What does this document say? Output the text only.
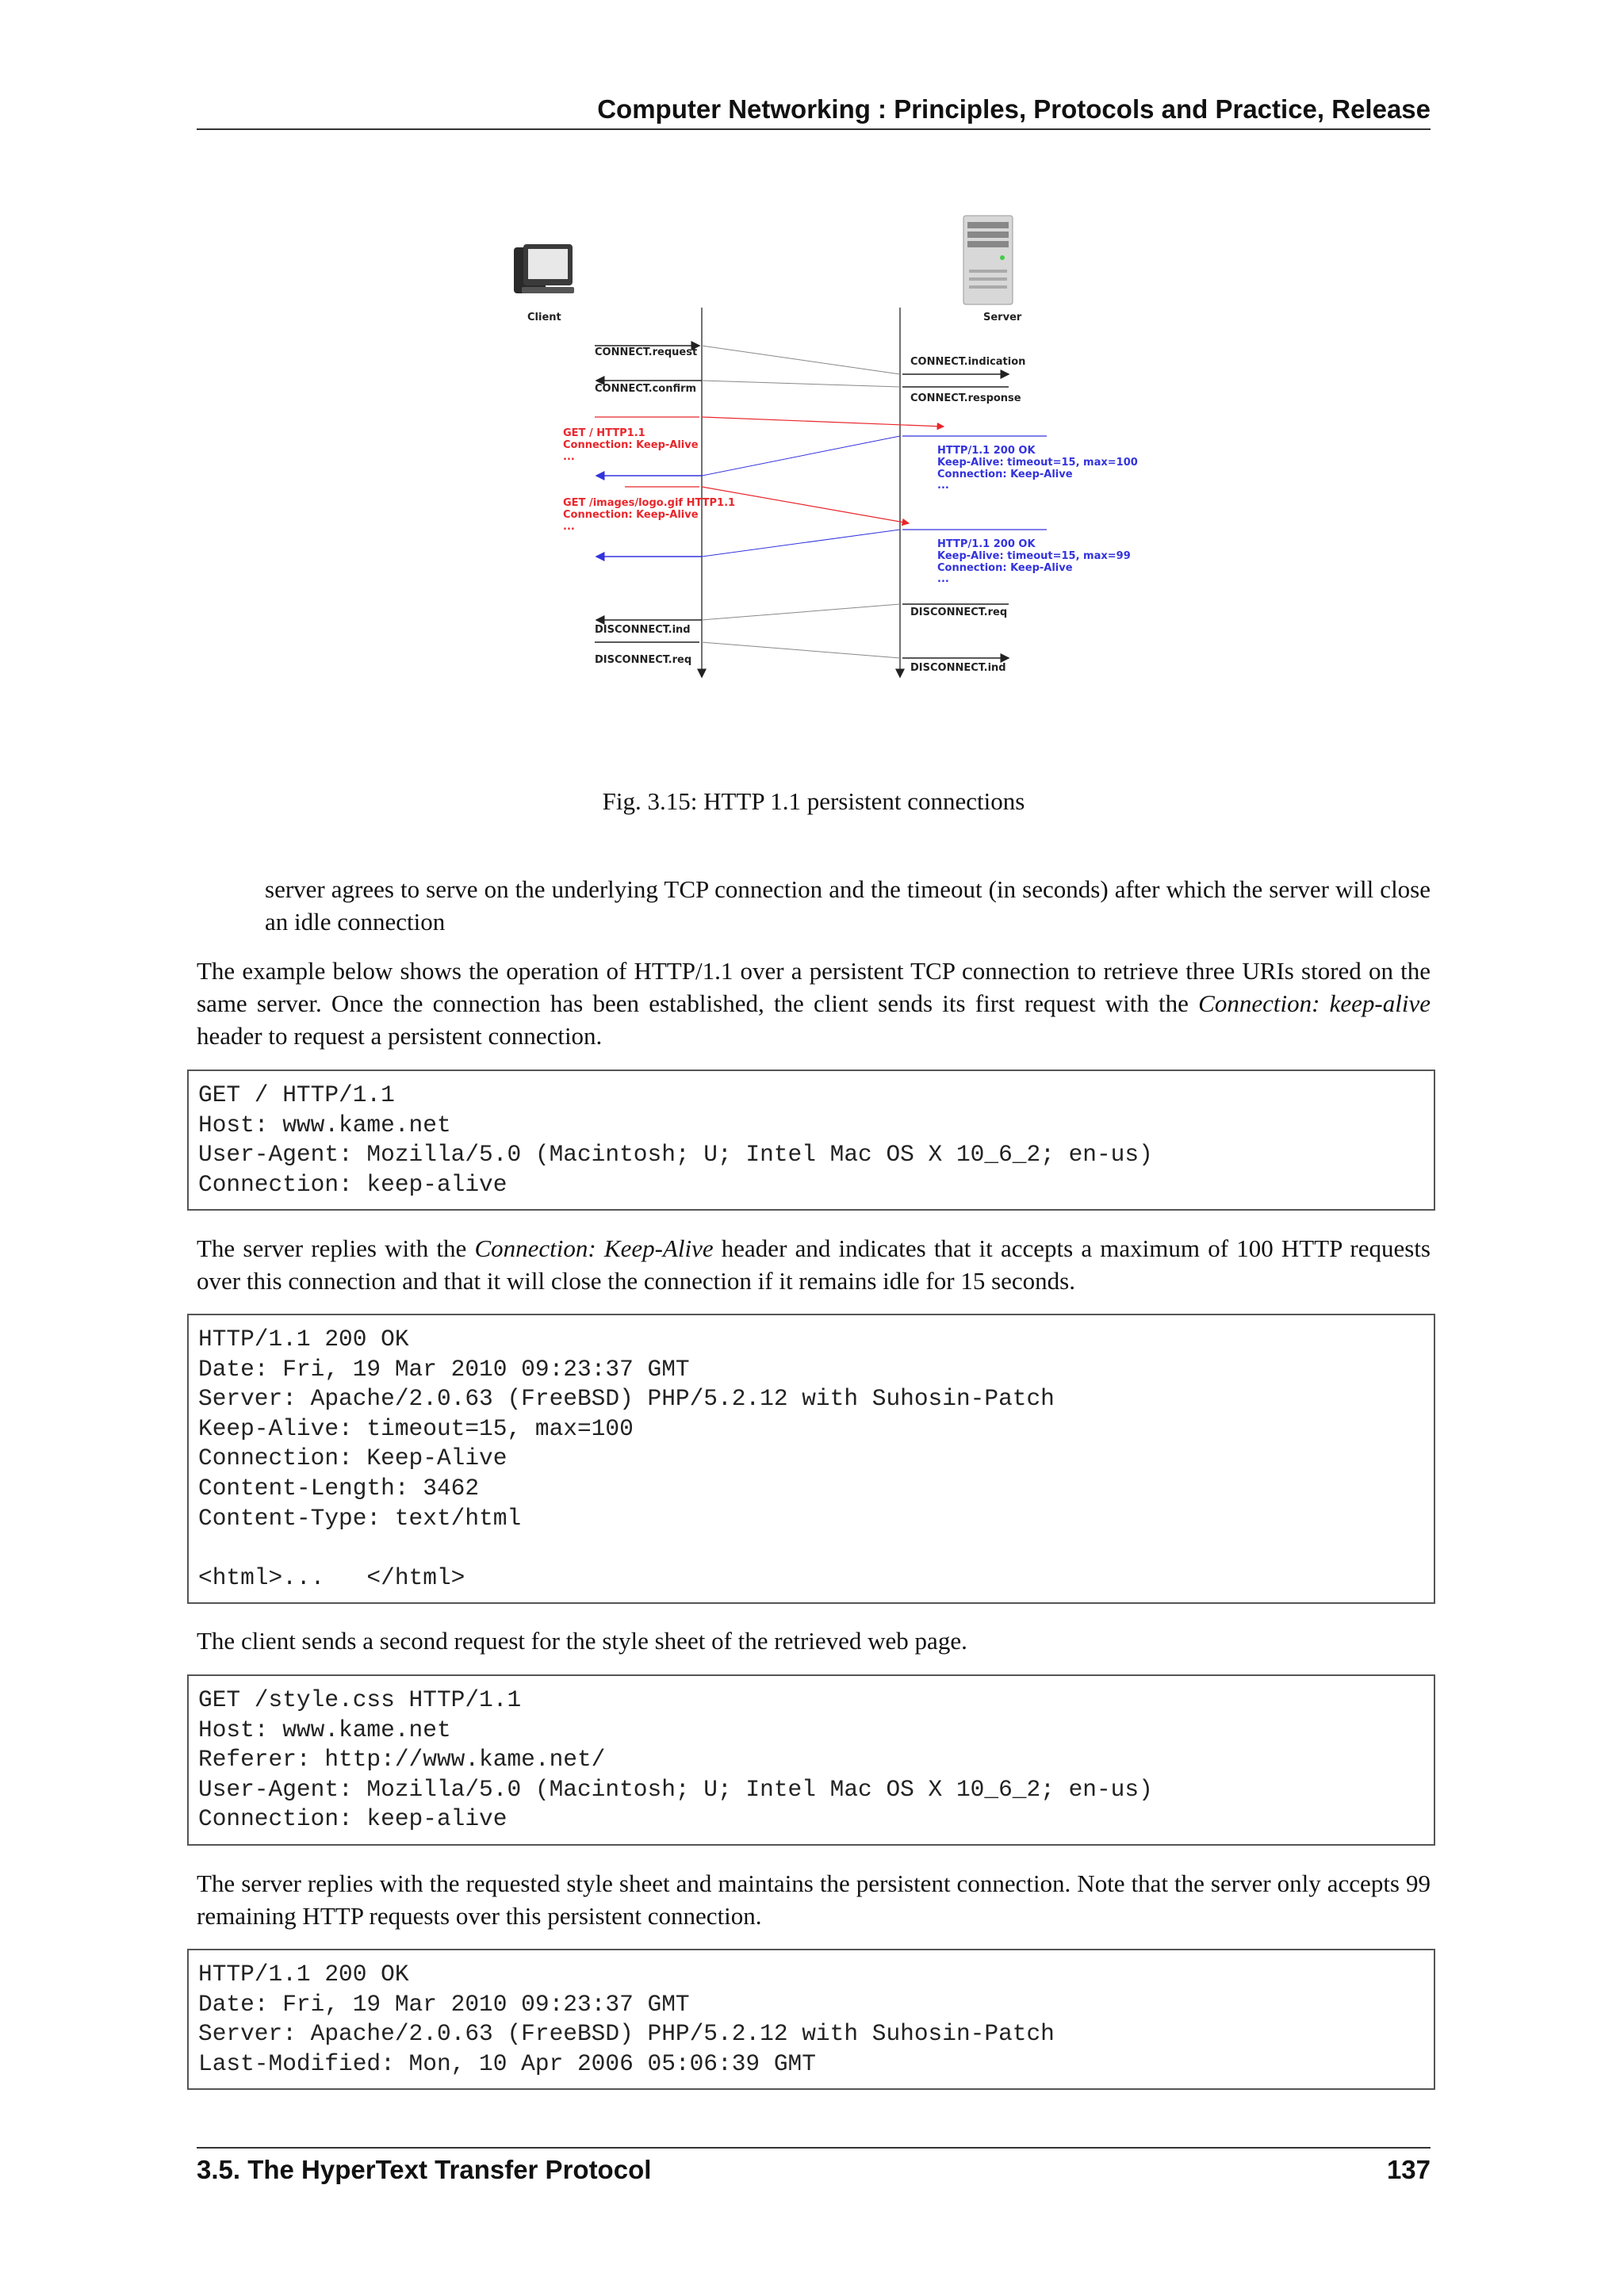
Computer Networking : Principles, Protocols and Practice, Release
Client	Server
CONNECT.request
CONNECT.indication
CONNECT.confirm
CONNECT.response
GET / HTTP1.1
Connection: Keep-Alive
...
HTTP/1.1 200 OK
Keep-Alive: timeout=15, max=100
Connection: Keep-Alive
...
GET /images/logo.gif HTTP1.1
Connection: Keep-Alive
...
HTTP/1.1 200 OK
Keep-Alive: timeout=15, max=99
Connection: Keep-Alive
...
DISCONNECT.req
DISCONNECT.ind
DISCONNECT.req
DISCONNECT.ind
Fig. 3.15: HTTP 1.1 persistent connections
server agrees to serve on the underlying TCP connection and the timeout (in seconds) after which the server will close an idle connection
The example below shows the operation of HTTP/1.1 over a persistent TCP connection to retrieve three URIs stored on the same server. Once the connection has been established, the client sends its first request with the Connection: keep-alive header to request a persistent connection.
GET / HTTP/1.1
Host: www.kame.net
User-Agent: Mozilla/5.0 (Macintosh; U; Intel Mac OS X 10_6_2; en-us)
Connection: keep-alive
The server replies with the Connection: Keep-Alive header and indicates that it accepts a maximum of 100 HTTP requests over this connection and that it will close the connection if it remains idle for 15 seconds.
HTTP/1.1 200 OK
Date: Fri, 19 Mar 2010 09:23:37 GMT
Server: Apache/2.0.63 (FreeBSD) PHP/5.2.12 with Suhosin-Patch
Keep-Alive: timeout=15, max=100
Connection: Keep-Alive
Content-Length: 3462
Content-Type: text/html

<html>...   </html>
The client sends a second request for the style sheet of the retrieved web page.
GET /style.css HTTP/1.1
Host: www.kame.net
Referer: http://www.kame.net/
User-Agent: Mozilla/5.0 (Macintosh; U; Intel Mac OS X 10_6_2; en-us)
Connection: keep-alive
The server replies with the requested style sheet and maintains the persistent connection. Note that the server only accepts 99 remaining HTTP requests over this persistent connection.
HTTP/1.1 200 OK
Date: Fri, 19 Mar 2010 09:23:37 GMT
Server: Apache/2.0.63 (FreeBSD) PHP/5.2.12 with Suhosin-Patch
Last-Modified: Mon, 10 Apr 2006 05:06:39 GMT
3.5. The HyperText Transfer Protocol	137
